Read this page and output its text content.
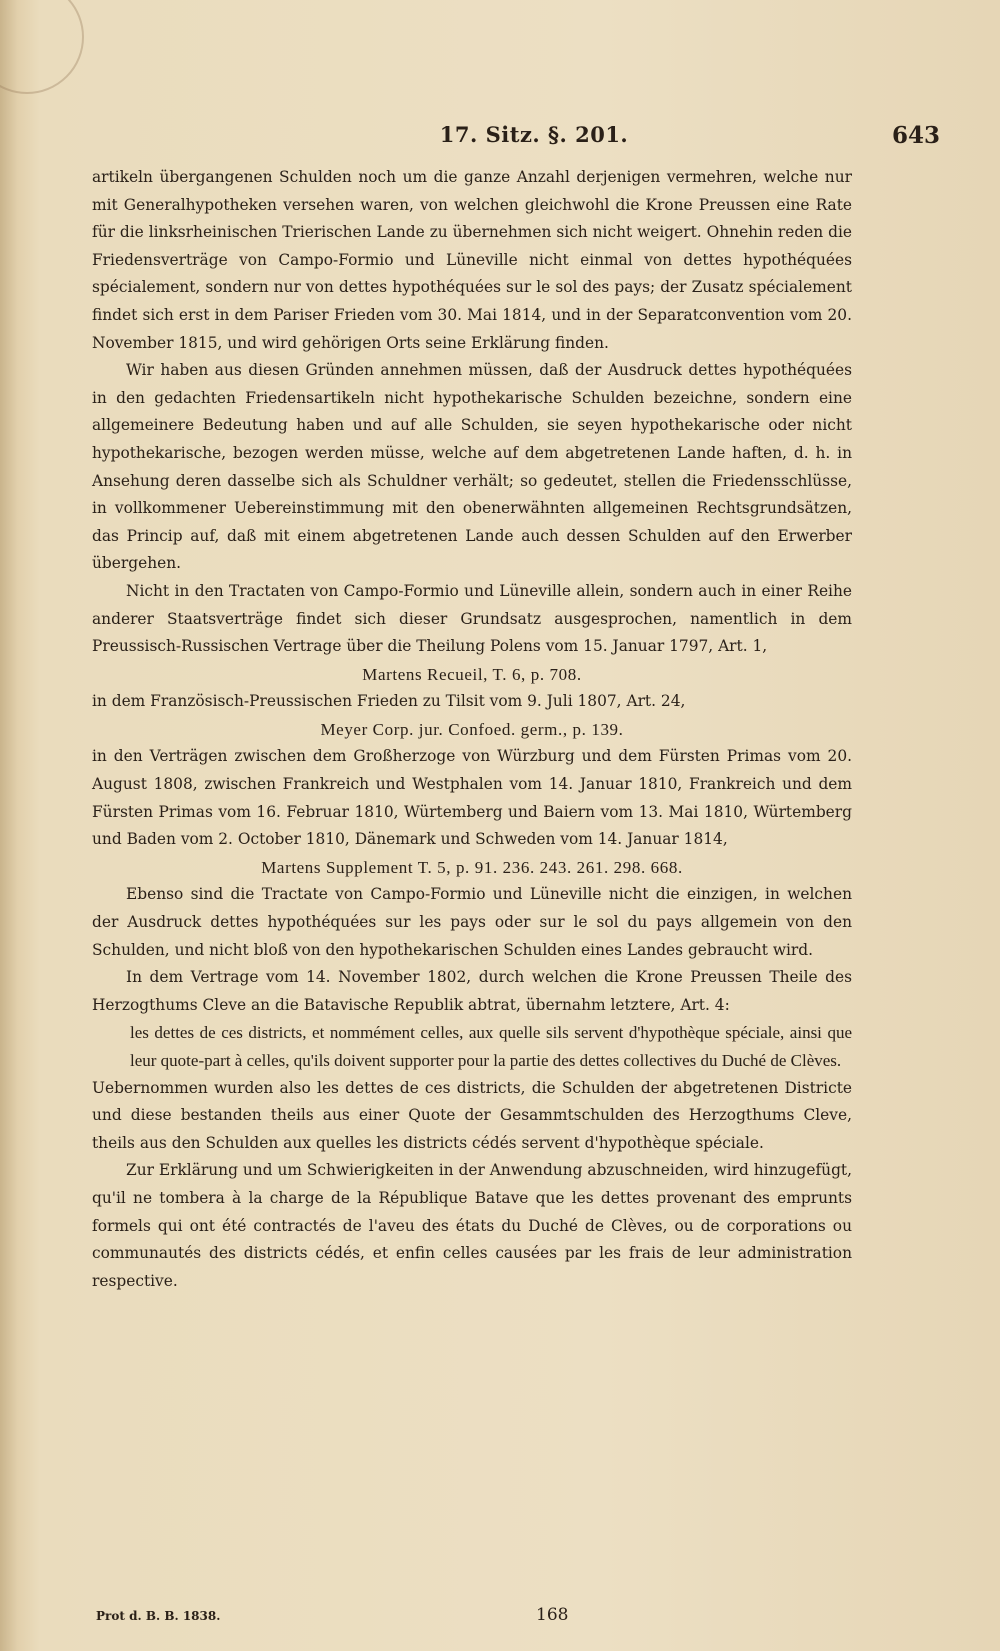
17. Sitz. §. 201.	643

artikeln übergangenen Schulden noch um die ganze Anzahl derjenigen vermehren, welche nur mit Generalhypotheken versehen waren, von welchen gleichwohl die Krone Preussen eine Rate für die linksrheinischen Trierischen Lande zu übernehmen sich nicht weigert. Ohnehin reden die Friedensverträge von Campo-Formio und Lüneville nicht einmal von dettes hypothéquées spécialement, sondern nur von dettes hypothéquées sur le sol des pays; der Zusatz spécialement findet sich erst in dem Pariser Frieden vom 30. Mai 1814, und in der Separatconvention vom 20. November 1815, und wird gehörigen Orts seine Erklärung finden.

Wir haben aus diesen Gründen annehmen müssen, daß der Ausdruck dettes hypothéquées in den gedachten Friedensartikeln nicht hypothekarische Schulden bezeichne, sondern eine allgemeinere Bedeutung haben und auf alle Schulden, sie seyen hypothekarische oder nicht hypothekarische, bezogen werden müsse, welche auf dem abgetretenen Lande haften, d. h. in Ansehung deren dasselbe sich als Schuldner verhält; so gedeutet, stellen die Friedensschlüsse, in vollkommener Uebereinstimmung mit den obenerwähnten allgemeinen Rechtsgrundsätzen, das Princip auf, daß mit einem abgetretenen Lande auch dessen Schulden auf den Erwerber übergehen.

Nicht in den Tractaten von Campo-Formio und Lüneville allein, sondern auch in einer Reihe anderer Staatsverträge findet sich dieser Grundsatz ausgesprochen, namentlich in dem Preussisch-Russischen Vertrage über die Theilung Polens vom 15. Januar 1797, Art. 1,

Martens Recueil, T. 6, p. 708.

in dem Französisch-Preussischen Frieden zu Tilsit vom 9. Juli 1807, Art. 24,

Meyer Corp. jur. Confoed. germ., p. 139.

in den Verträgen zwischen dem Großherzoge von Würzburg und dem Fürsten Primas vom 20. August 1808, zwischen Frankreich und Westphalen vom 14. Januar 1810, Frankreich und dem Fürsten Primas vom 16. Februar 1810, Würtemberg und Baiern vom 13. Mai 1810, Würtemberg und Baden vom 2. October 1810, Dänemark und Schweden vom 14. Januar 1814,

Martens Supplement T. 5, p. 91. 236. 243. 261. 298. 668.

Ebenso sind die Tractate von Campo-Formio und Lüneville nicht die einzigen, in welchen der Ausdruck dettes hypothéquées sur les pays oder sur le sol du pays allgemein von den Schulden, und nicht bloß von den hypothekarischen Schulden eines Landes gebraucht wird.

In dem Vertrage vom 14. November 1802, durch welchen die Krone Preussen Theile des Herzogthums Cleve an die Batavische Republik abtrat, übernahm letztere, Art. 4:

les dettes de ces districts, et nommément celles, aux quelle sils servent d'hypothèque spéciale, ainsi que leur quote-part à celles, qu'ils doivent supporter pour la partie des dettes collectives du Duché de Clèves.

Uebernommen wurden also les dettes de ces districts, die Schulden der abgetretenen Districte und diese bestanden theils aus einer Quote der Gesammtschulden des Herzogthums Cleve, theils aus den Schulden aux quelles les districts cédés servent d'hypothèque spéciale.

Zur Erklärung und um Schwierigkeiten in der Anwendung abzuschneiden, wird hinzugefügt, qu'il ne tombera à la charge de la République Batave que les dettes provenant des emprunts formels qui ont été contractés de l'aveu des états du Duché de Clèves, ou de corporations ou communautés des districts cédés, et enfin celles causées par les frais de leur administration respective.

Prot d. B. B. 1838.	168
